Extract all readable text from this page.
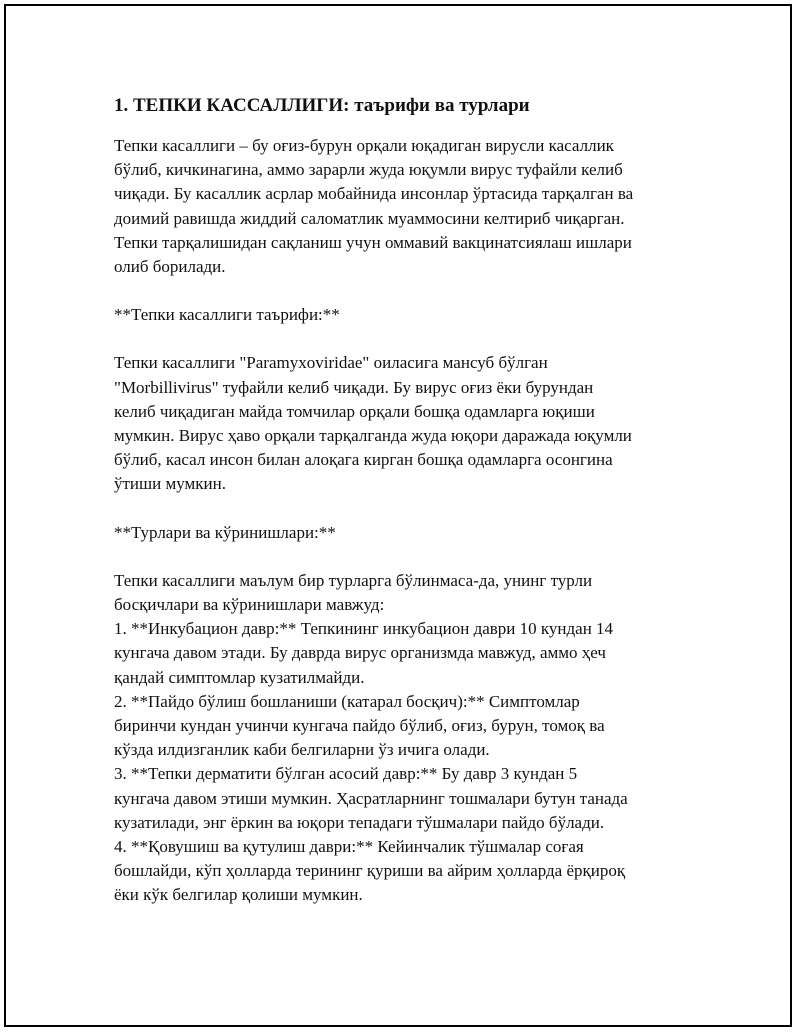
1. ТЕПКИ КАССАЛЛИГИ: таърифи ва турлари
Тепки касаллиги – бу оғиз-бурун орқали юқадиган вирусли касаллик
бўлиб, кичкинагина, аммо зарарли жуда юқумли вирус туфайли келиб
чиқади. Бу касаллик асрлар мобайнида инсонлар ўртасида тарқалган ва
доимий равишда жиддий саломатлик муаммосини келтириб чиқарган.
Тепки тарқалишидан сақланиш учун оммавий вакцинатсиялаш ишлари
олиб борилади.
**Тепки касаллиги таърифи:**
Тепки касаллиги "Paramyxoviridae" оиласига мансуб бўлган
"Morbillivirus" туфайли келиб чиқади. Бу вирус оғиз ёки бурундан
келиб чиқадиган майда томчилар орқали бошқа одамларга юқиши
мумкин. Вирус ҳаво орқали тарқалганда жуда юқори даражада юқумли
бўлиб, касал инсон билан алоқага кирган бошқа одамларга осонгина
ўтиши мумкин.
**Турлари ва кўринишлари:**
Тепки касаллиги маълум бир турларга бўлинмаса-да, унинг турли
босқичлари ва кўринишлари мавжуд:
1. **Инкубацион давр:** Тепкининг инкубацион даври 10 кундан 14
кунгача давом этади. Бу даврда вирус организмда мавжуд, аммо ҳеч
қандай симптомлар кузатилмайди.
2. **Пайдо бўлиш бошланиши (катарал босқич):** Симптомлар
биринчи кундан учинчи кунгача пайдо бўлиб, оғиз, бурун, томоқ ва
кўзда илдизганлик каби белгиларни ўз ичига олади.
3. **Тепки дерматити бўлган асосий давр:** Бу давр 3 кундан 5
кунгача давом этиши мумкин. Ҳасратларнинг тошмалари бутун танада
кузатилади, энг ёркин ва юқори тепадаги тўшмалари пайдо бўлади.
4. **Қовушиш ва қутулиш даври:** Кейинчалик тўшмалар соғая
бошлайди, кўп ҳолларда терининг қуриши ва айрим ҳолларда ёрқироқ
ёки кўк белгилар қолиши мумкин.
